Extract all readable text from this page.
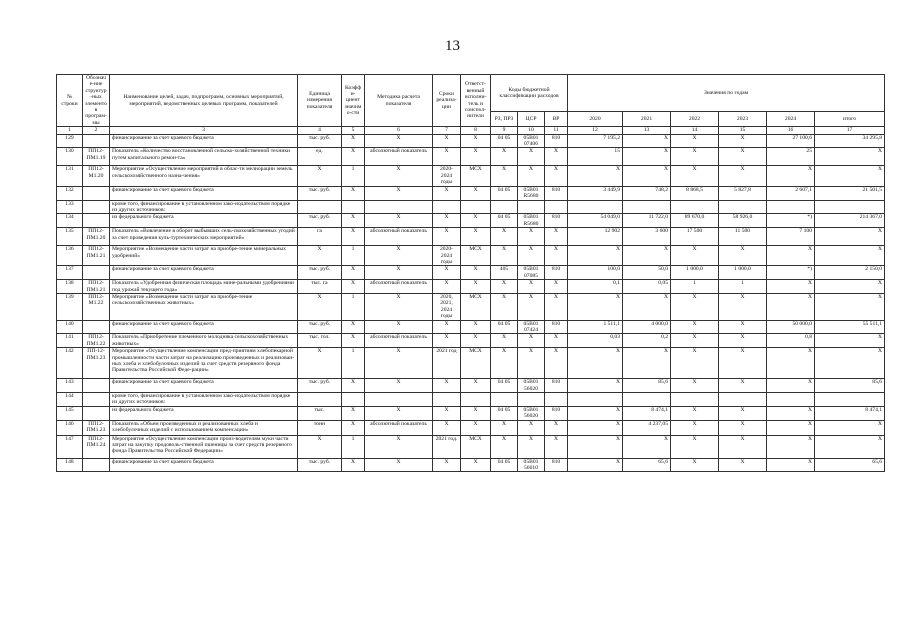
13
№ строки	Обозначе-ние структур-ных элементов програм-мы	Наименование целей, задач, подпрограмм, основных мероприятий, мероприятий, ведомственных целевых программ, показателей	Единица измерения показателя	Коэффи-циент значимо-сти	Методика расчета показателя	Сроки реализа-ции	Ответст-венный исполни-тель и соиспол-нители	Коды бюджетной классификации расходов			Значения по годам					
								РЗ, ПР3	ЦСР	ВР	2020	2021	2022	2023	2024	итого
1	2	3	4	5	6	7	8	9	10	11	12	13	14	15	16	17
129		финансирование за счет краевого бюджета	тыс. руб.	X	X	X	X	04 05	05B01 07406	810	7 195,2	X	X	X	27 100,6	34 295,8
130	ПП12-ПМ1.19	Показатель «Количество восстановленной сельско-хозяйственной техники путем капитального ремон-та»	ед.	X	абсолютный показатель	X	X	X	X	X	15	X	X	X	25	X
131	ПП12-М1.20	Мероприятие «Осуществление мероприятий в облас-ти мелиорации земель сельскохозяйственного назна-чения»	X	1	X	2020-2024 годы	МСХ	X	X	X	X	X	X	X	X	X
132		финансирование за счет краевого бюджета	тыс. руб.	X	X	X	X	04 05	05B01 R5680	810	3 449,9	748,2	8 868,5	5 827,8	2 607,1	21 501,5
133		кроме того, финансирование в установленном зако-нодательством порядке из других источников:														
134		из федерального бюджета	тыс. руб.	X	X	X	X	04 05	05B01 R5680	810	54 049,0	11 722,0	89 670,0	58 926,0	*)	214 367,0
135	ПП12-ПМ1.20	Показатель «Вовлечение в оборот выбывших сель-скохозяйственных угодий за счет проведения куль-туртехнических мероприятий»	га	X	абсолютный показатель	X	X	X	X	X	12 902	3 600	17 500	11 500	7 100	X
136	ПП12-ПМ1.21	Мероприятие «Возмещение части затрат на приобре-тение минеральных удобрений»	X	1	X	2020-2024 годы	МСХ	X	X	X	X	X	X	X	X	X
137		финансирование за счет краевого бюджета	тыс. руб.	X	X	X	X	405	05B01 07085	810	100,0	50,0	1 000,0	1 000,0	*)	2 150,0
138	ПП12-ПМ1.21	Показатель «Удобренная физическая площадь мине-ральными удобрениями под урожай текущего года»	тыс. га	X	абсолютный показатель	X	X	X	X	X	0,1	0,05	1	1	X	X
139	ПП12-М1.22	Мероприятие «Возмещение части затрат на приобре-тение сельскохозяйственных животных»	X	1	X	2020, 2021, 2024 годы	МСХ	X	X	X	X	X	X	X	X	X
140		финансирование за счет краевого бюджета	тыс. руб.	X	X	X	X	04 05	05B01 07424	810	1 511,1	4 000,0	X	X	50 000,0	55 511,1
141	ПП12-ПМ1.22	Показатель «Приобретение племенного молодняка сельскохозяйственных животных»	тыс. гол.	X	абсолютный показатель	X	X	X	X	X	0,03	0,2	X	X	0,8	X
142	ПП-12-ПМ1.23	Мероприятие «Осуществление компенсации пред-приятиям хлебопекарной промышленности части затрат на реализацию произведенных и реализован-ных хлеба и хлебобулочных изделий за счет средств резервного фонда Правительства Российской Феде-рации»	X	1	X	2021 год	МСХ	X	X	X	X	X	X	X	X	X
143		финансирование за счет краевого бюджета	тыс. руб.	X	X	X	X	04 05	05B01 56020	810	X	85,6	X	X	X	85,6
144		кроме того, финансирование в установленном зако-нодательством порядке из других источников:														
145		из федерального бюджета	тыс.	X	X	X	X	04 05	05B01 56020	810	X	8 474,1	X	X	X	8 474,1
146	ПП12-ПМ1.23	Показатель «Объем произведенных и реализованных хлеба и хлебобулочных изделий с использованием компенсации»	тонн	X	абсолютный показатель	X	X	X	X	X	X	4 237,05	X	X	X	X
147	ПП12-ПМ1.24	Мероприятие «Осуществление компенсации произ-водителям муки части затрат на закупку продоволь-ственной пшеницы за счет средств резервного фонда Правительства Российской Федерации»	X	1	X	2021 год.	МСХ	X	X	X	X	X	X	X	X	X
148		финансирование за счет краевого бюджета	тыс. руб.	X	X	X	X	04 05	05B01 56010	810	X	65,6	X	X	X	65,6
